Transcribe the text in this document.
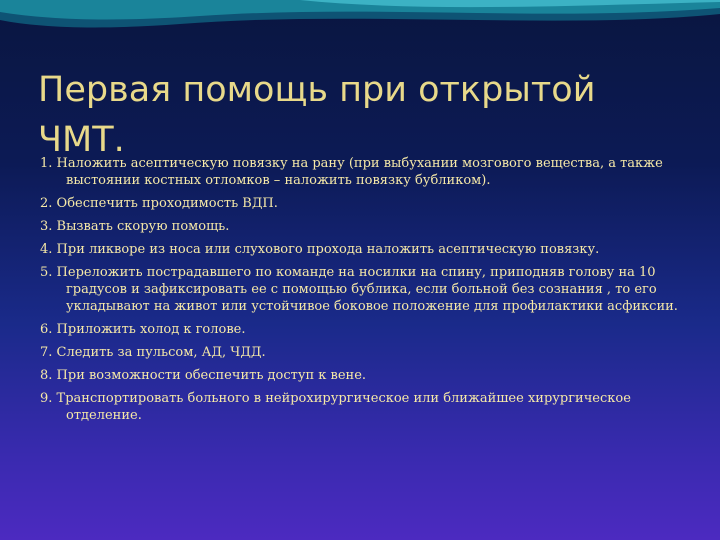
Первая помощь при открытой ЧМТ.
1. Наложить асептическую повязку на рану (при выбухании мозгового вещества, а также выстоянии костных отломков – наложить повязку бубликом).
2. Обеспечить проходимость ВДП.
3. Вызвать скорую помощь.
4. При ликворе из носа или слухового прохода наложить асептическую повязку.
5. Переложить пострадавшего по команде на носилки на спину, приподняв голову на 10 градусов и зафиксировать ее с помощью бублика, если больной без сознания , то его укладывают на живот или устойчивое боковое положение для профилактики асфиксии.
6. Приложить холод к голове.
7. Следить за пульсом, АД, ЧДД.
8. При возможности обеспечить доступ к вене.
9. Транспортировать больного в нейрохирургическое или ближайшее хирургическое отделение.
